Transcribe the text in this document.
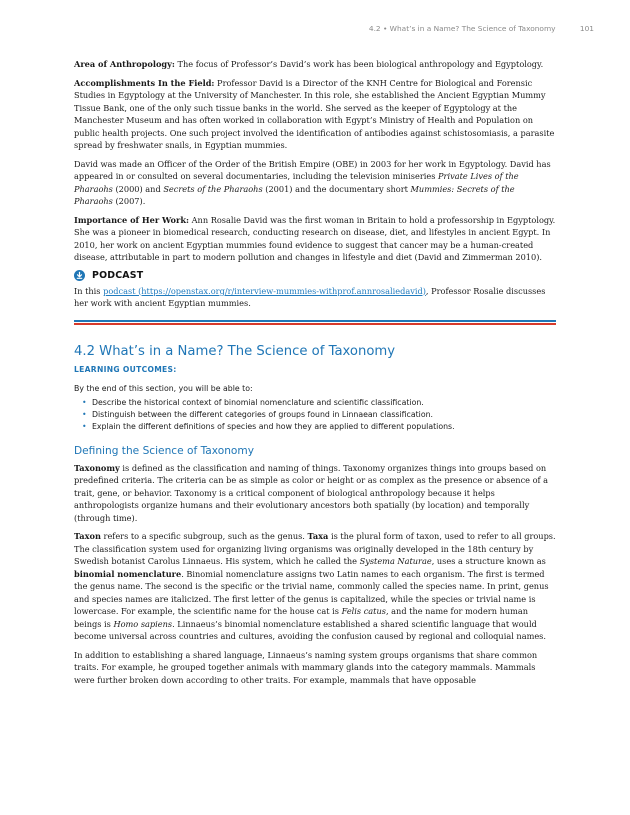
4.2 • What’s in a Name? The Science of Taxonomy	101

Area of Anthropology: The focus of Professor’s David’s work has been biological anthropology and Egyptology.

Accomplishments In the Field: Professor David is a Director of the KNH Centre for Biological and Forensic Studies in Egyptology at the University of Manchester. In this role, she established the Ancient Egyptian Mummy Tissue Bank, one of the only such tissue banks in the world. She served as the keeper of Egyptology at the Manchester Museum and has often worked in collaboration with Egypt’s Ministry of Health and Population on public health projects. One such project involved the identification of antibodies against schistosomiasis, a parasite spread by freshwater snails, in Egyptian mummies.

David was made an Officer of the Order of the British Empire (OBE) in 2003 for her work in Egyptology. David has appeared in or consulted on several documentaries, including the television miniseries Private Lives of the Pharaohs (2000) and Secrets of the Pharaohs (2001) and the documentary short Mummies: Secrets of the Pharaohs (2007).

Importance of Her Work: Ann Rosalie David was the first woman in Britain to hold a professorship in Egyptology. She was a pioneer in biomedical research, conducting research on disease, diet, and lifestyles in ancient Egypt. In 2010, her work on ancient Egyptian mummies found evidence to suggest that cancer may be a human-created disease, attributable in part to modern pollution and changes in lifestyle and diet (David and Zimmerman 2010).

PODCAST

In this podcast (https://openstax.org/r/interview-mummies-withprof.annrosaliedavid), Professor Rosalie discusses her work with ancient Egyptian mummies.

4.2 What’s in a Name? The Science of Taxonomy
LEARNING OUTCOMES:
By the end of this section, you will be able to:
• Describe the historical context of binomial nomenclature and scientific classification.
• Distinguish between the different categories of groups found in Linnaean classification.
• Explain the different definitions of species and how they are applied to different populations.
Defining the Science of Taxonomy

Taxonomy is defined as the classification and naming of things. Taxonomy organizes things into groups based on predefined criteria. The criteria can be as simple as color or height or as complex as the presence or absence of a trait, gene, or behavior. Taxonomy is a critical component of biological anthropology because it helps anthropologists organize humans and their evolutionary ancestors both spatially (by location) and temporally (through time).

Taxon refers to a specific subgroup, such as the genus. Taxa is the plural form of taxon, used to refer to all groups. The classification system used for organizing living organisms was originally developed in the 18th century by Swedish botanist Carolus Linnaeus. His system, which he called the Systema Naturae, uses a structure known as binomial nomenclature. Binomial nomenclature assigns two Latin names to each organism. The first is termed the genus name. The second is the specific or the trivial name, commonly called the species name. In print, genus and species names are italicized. The first letter of the genus is capitalized, while the species or trivial name is lowercase. For example, the scientific name for the house cat is Felis catus, and the name for modern human beings is Homo sapiens. Linnaeus’s binomial nomenclature established a shared scientific language that would become universal across countries and cultures, avoiding the confusion caused by regional and colloquial names.

In addition to establishing a shared language, Linnaeus’s naming system groups organisms that share common traits. For example, he grouped together animals with mammary glands into the category mammals. Mammals were further broken down according to other traits. For example, mammals that have opposable
